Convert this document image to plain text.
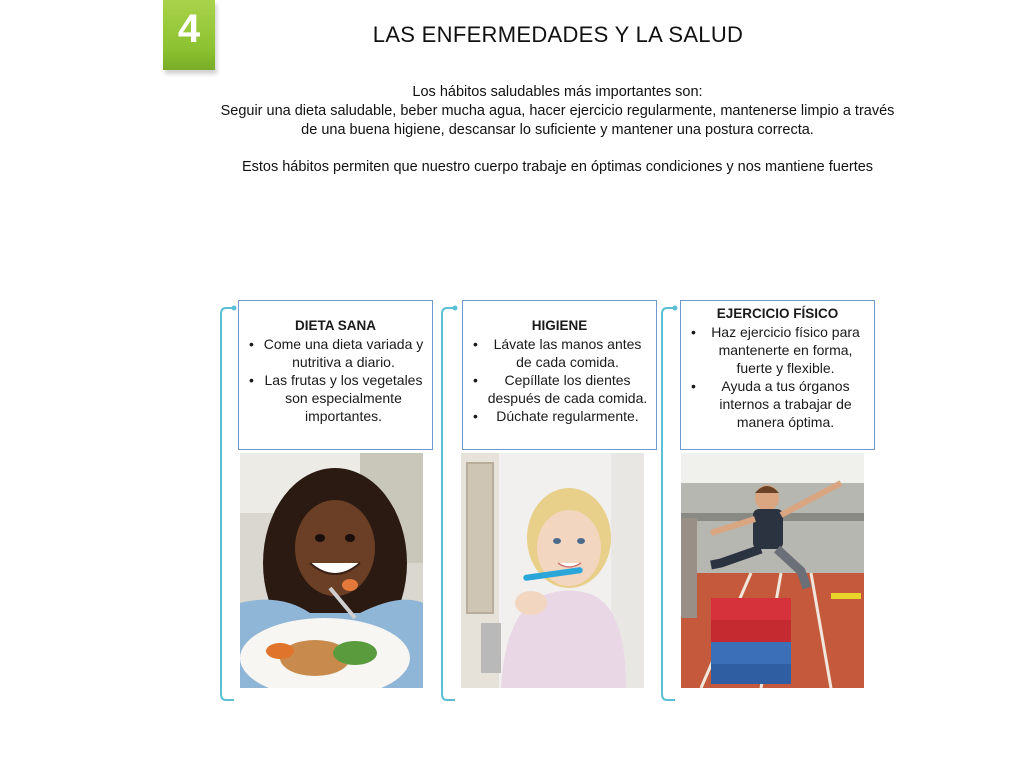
4	LAS ENFERMEDADES Y LA SALUD

Los hábitos saludables más importantes son:

Seguir una dieta saludable, beber mucha agua, hacer ejercicio regularmente, mantenerse limpio a través de una buena higiene, descansar lo suficiente y mantener una postura correcta.

Estos hábitos permiten que nuestro cuerpo trabaje en óptimas condiciones y nos mantiene fuertes

DIETA SANA
• Come una dieta variada y nutritiva a diario.
• Las frutas y los vegetales son especialmente importantes.
HIGIENE
• Lávate las manos antes de cada comida.
• Cepíllate los dientes después de cada comida.
• Dúchate regularmente.
EJERCICIO FÍSICO
• Haz ejercicio físico para mantenerte en forma, fuerte y flexible.
• Ayuda a tus órganos internos a trabajar de manera óptima.
